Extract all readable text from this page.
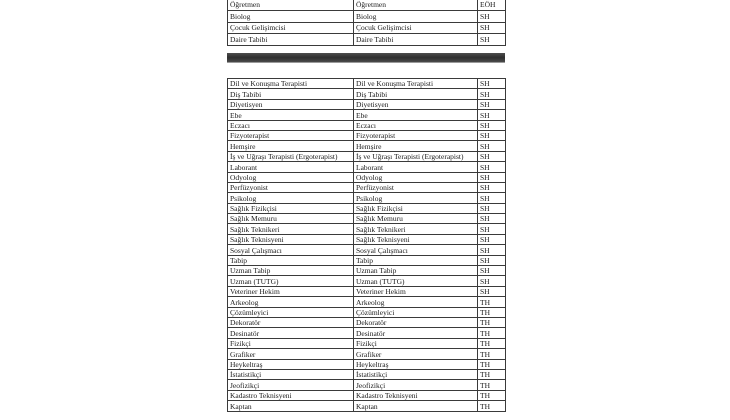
Öğretmen	Öğretmen	EÖH
Biolog	Biolog	SH
Çocuk Gelişimcisi	Çocuk Gelişimcisi	SH
Daire Tabibi	Daire Tabibi	SH
Dil ve Konuşma Terapisti	Dil ve Konuşma Terapisti	SH
Diş Tabibi	Diş Tabibi	SH
Diyetisyen	Diyetisyen	SH
Ebe	Ebe	SH
Eczacı	Eczacı	SH
Fizyoterapist	Fizyoterapist	SH
Hemşire	Hemşire	SH
İş ve Uğraşı Terapisti (Ergoterapist)	İş ve Uğraşı Terapisti (Ergoterapist)	SH
Laborant	Laborant	SH
Odyolog	Odyolog	SH
Perfüzyonist	Perfüzyonist	SH
Psikolog	Psikolog	SH
Sağlık Fizikçisi	Sağlık Fizikçisi	SH
Sağlık Memuru	Sağlık Memuru	SH
Sağlık Teknikeri	Sağlık Teknikeri	SH
Sağlık Teknisyeni	Sağlık Teknisyeni	SH
Sosyal Çalışmacı	Sosyal Çalışmacı	SH
Tabip	Tabip	SH
Uzman Tabip	Uzman Tabip	SH
Uzman (TUTG)	Uzman (TUTG)	SH
Veteriner Hekim	Veteriner Hekim	SH
Arkeolog	Arkeolog	TH
Çözümleyici	Çözümleyici	TH
Dekoratör	Dekoratör	TH
Desinatör	Desinatör	TH
Fizikçi	Fizikçi	TH
Grafiker	Grafiker	TH
Heykeltraş	Heykeltraş	TH
İstatistikçi	İstatistikçi	TH
Jeofizikçi	Jeofizikçi	TH
Kadastro Teknisyeni	Kadastro Teknisyeni	TH
Kaptan	Kaptan	TH
